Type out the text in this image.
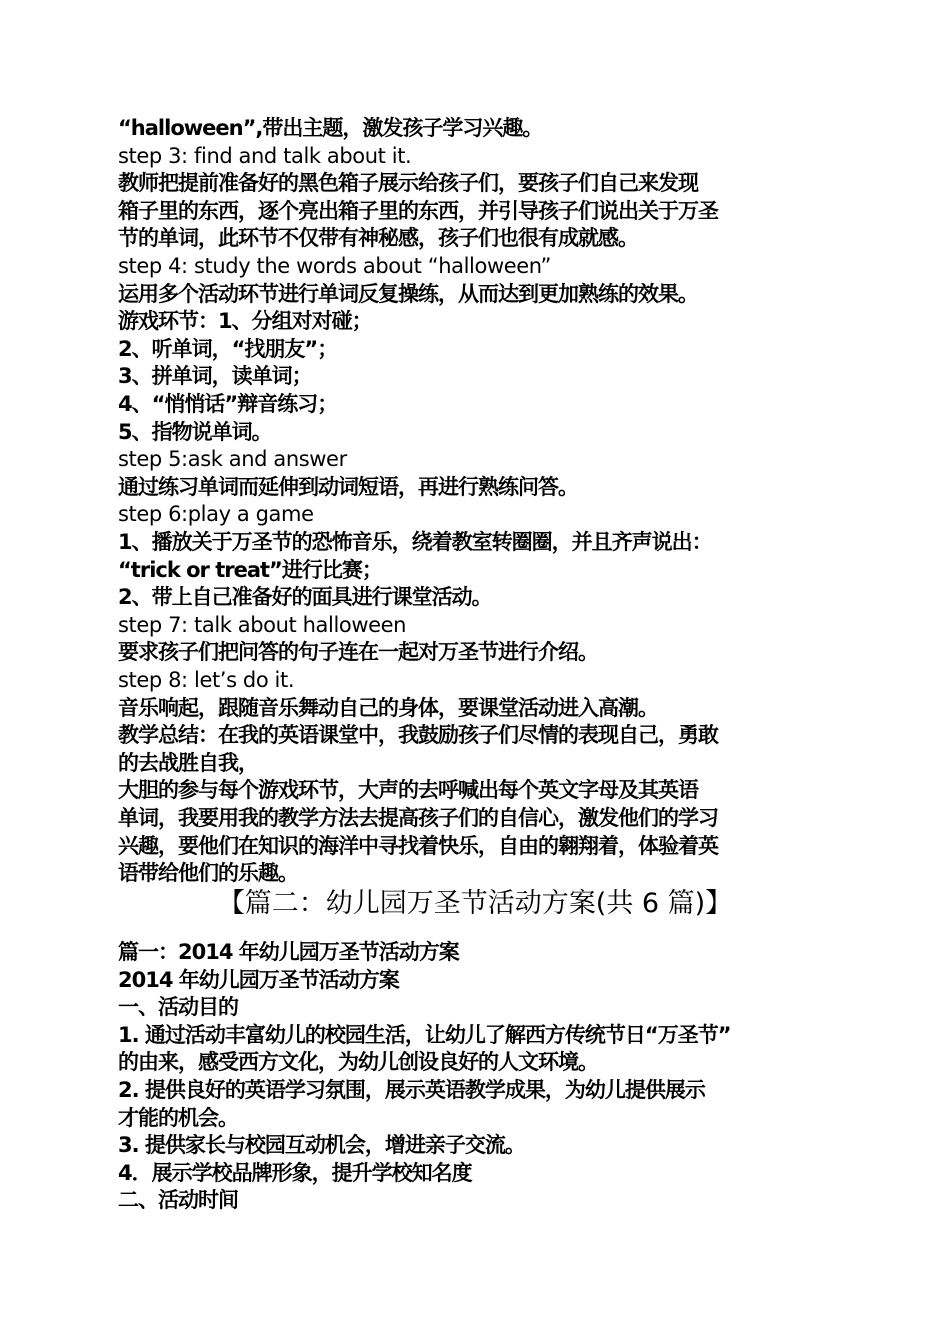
“halloween”,带出主题，激发孩子学习兴趣。
step 3: find and talk about it.
教师把提前准备好的黑色箱子展示给孩子们，要孩子们自己来发现
箱子里的东西，逐个亮出箱子里的东西，并引导孩子们说出关于万圣
节的单词，此环节不仅带有神秘感，孩子们也很有成就感。
step 4: study the words about “halloween”
运用多个活动环节进行单词反复操练，从而达到更加熟练的效果。
游戏环节：1、分组对对碰；
2、听单词，“找朋友”；
3、拼单词，读单词；
4、“悄悄话”辩音练习；
5、指物说单词。
step 5:ask and answer
通过练习单词而延伸到动词短语，再进行熟练问答。
step 6:play a game
1、播放关于万圣节的恐怖音乐，绕着教室转圈圈，并且齐声说出：
“trick or treat”进行比赛；
2、带上自己准备好的面具进行课堂活动。
step 7: talk about halloween
要求孩子们把问答的句子连在一起对万圣节进行介绍。
step 8: let’s do it.
音乐响起，跟随音乐舞动自己的身体，要课堂活动进入高潮。
教学总结：在我的英语课堂中，我鼓励孩子们尽情的表现自己，勇敢
的去战胜自我，
大胆的参与每个游戏环节，大声的去呼喊出每个英文字母及其英语
单词，我要用我的教学方法去提高孩子们的自信心，激发他们的学习
兴趣，要他们在知识的海洋中寻找着快乐，自由的翱翔着，体验着英
语带给他们的乐趣。
【篇二：幼儿园万圣节活动方案(共 6 篇)】
篇一：2014 年幼儿园万圣节活动方案
2014 年幼儿园万圣节活动方案
一、活动目的
1. 通过活动丰富幼儿的校园生活，让幼儿了解西方传统节日“万圣节”
的由来，感受西方文化，为幼儿创设良好的人文环境。
2. 提供良好的英语学习氛围，展示英语教学成果，为幼儿提供展示
才能的机会。
3. 提供家长与校园互动机会，增进亲子交流。
4．展示学校品牌形象，提升学校知名度
二、活动时间
